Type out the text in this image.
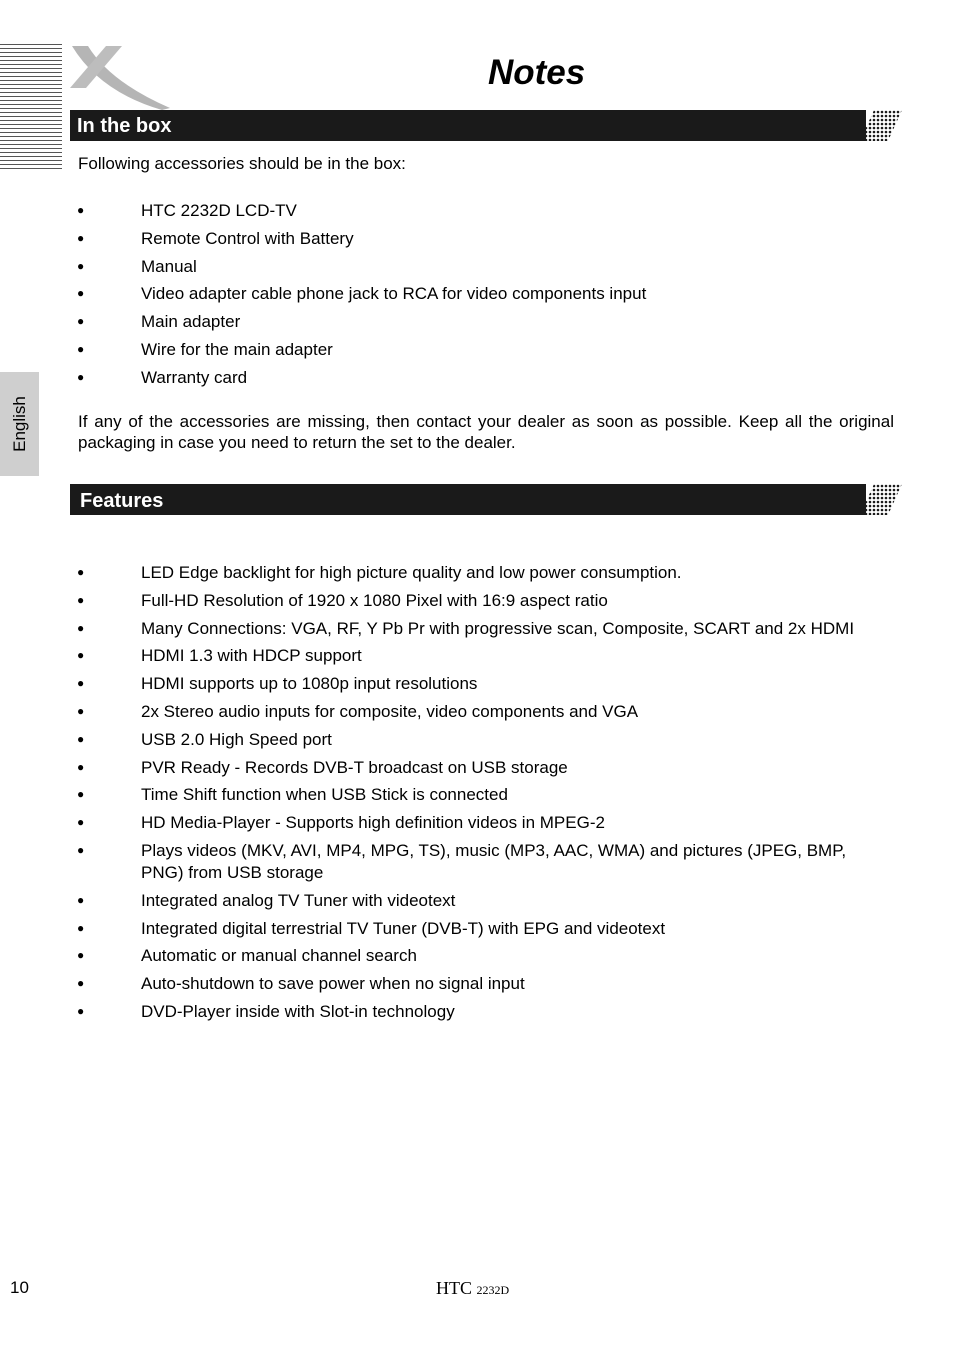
Notes
In the box

Following accessories should be in the box:

● HTC 2232D LCD-TV
● Remote Control with Battery
● Manual
● Video adapter cable phone jack to RCA for video components input
● Main adapter
● Wire for the main adapter
● Warranty card

If any of the accessories are missing, then contact your dealer as soon as possible. Keep all the original packaging in case you need to return the set to the dealer.

Features
● LED Edge backlight for high picture quality and low power consumption.
● Full-HD Resolution of 1920 x 1080 Pixel with 16:9 aspect ratio
● Many Connections: VGA, RF, Y Pb Pr with progressive scan, Composite, SCART and 2x HDMI
● HDMI 1.3 with HDCP support
● HDMI supports up to 1080p input resolutions
● 2x Stereo audio inputs for composite, video components and VGA
● USB 2.0 High Speed port
● PVR Ready - Records DVB-T broadcast on USB storage
● Time Shift function when USB Stick is connected
● HD Media-Player - Supports high definition videos in MPEG-2
● Plays videos (MKV, AVI, MP4, MPG, TS), music (MP3, AAC, WMA) and pictures (JPEG, BMP, PNG) from USB storage
● Integrated analog TV Tuner with videotext
● Integrated digital terrestrial TV Tuner (DVB-T) with EPG and videotext
● Automatic or manual channel search
● Auto-shutdown to save power when no signal input
● DVD-Player inside with Slot-in technology
English
10	HTC 2232D
